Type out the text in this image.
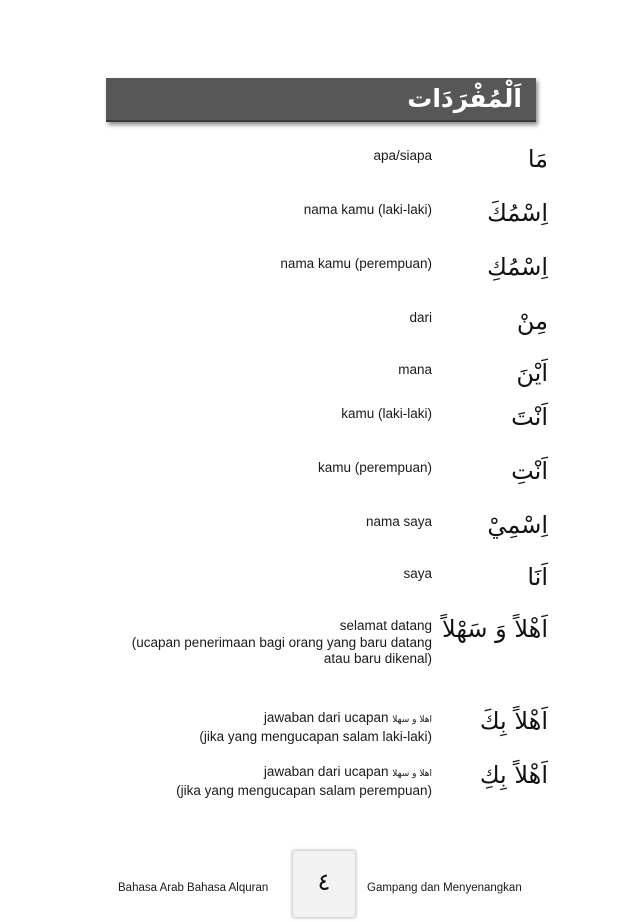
اَلْمُفْرَدَات
مَا
apa/siapa
اِسْمُكَ
nama kamu (laki-laki)
اِسْمُكِ
nama kamu (perempuan)
مِنْ
dari
اَيْنَ
mana
اَنْتَ
kamu (laki-laki)
اَنْتِ
kamu (perempuan)
اِسْمِيْ
nama saya
اَنَا
saya
اَهْلاً وَ سَهْلاً
selamat datang
(ucapan penerimaan bagi orang yang baru datang
atau baru dikenal)
اَهْلاً بِكَ
jawaban dari ucapan اهلا و سهلا
(jika yang mengucapan salam laki-laki)
اَهْلاً بِكِ
jawaban dari ucapan اهلا و سهلا
(jika yang mengucapan salam perempuan)
٤
Bahasa Arab Bahasa Alquran	Gampang dan Menyenangkan
